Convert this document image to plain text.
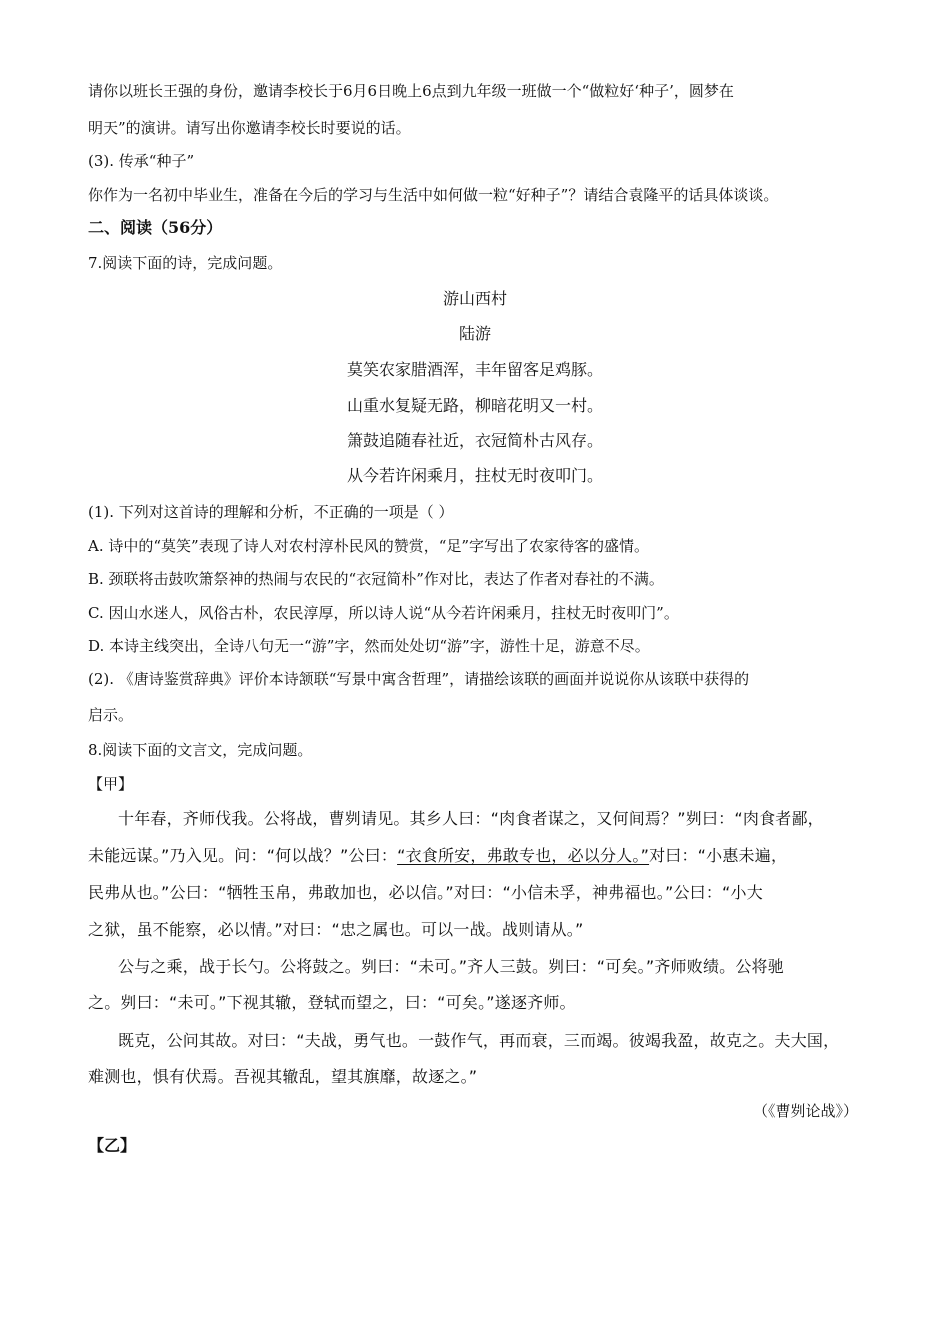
请你以班长王强的身份，邀请李校长于6月6日晚上6点到九年级一班做一个“做粒好‘种子’，圆梦在
明天”的演讲。请写出你邀请李校长时要说的话。
(3). 传承“种子”
你作为一名初中毕业生，准备在今后的学习与生活中如何做一粒“好种子”？请结合袁隆平的话具体谈谈。
二、阅读（56分）
7.阅读下面的诗，完成问题。
游山西村
陆游
莫笑农家腊酒浑，丰年留客足鸡豚。
山重水复疑无路，柳暗花明又一村。
箫鼓追随春社近，衣冠简朴古风存。
从今若许闲乘月，拄杖无时夜叩门。
(1). 下列对这首诗的理解和分析，不正确的一项是（ ）
A. 诗中的“莫笑”表现了诗人对农村淳朴民风的赞赏，“足”字写出了农家待客的盛情。
B. 颈联将击鼓吹箫祭神的热闹与农民的“衣冠简朴”作对比，表达了作者对春社的不满。
C. 因山水迷人，风俗古朴，农民淳厚，所以诗人说“从今若许闲乘月，拄杖无时夜叩门”。
D. 本诗主线突出，全诗八句无一“游”字，然而处处切“游”字，游性十足，游意不尽。
(2). 《唐诗鉴赏辞典》评价本诗颔联“写景中寓含哲理”，请描绘该联的画面并说说你从该联中获得的
启示。
8.阅读下面的文言文，完成问题。
【甲】
十年春，齐师伐我。公将战，曹刿请见。其乡人曰：“肉食者谋之，又何间焉？”刿曰：“肉食者鄙，
未能远谋。”乃入见。问：“何以战？”公曰：“衣食所安，弗敢专也，必以分人。”对曰：“小惠未遍，
民弗从也。”公曰：“牺牲玉帛，弗敢加也，必以信。”对曰：“小信未孚，神弗福也。”公曰：“小大
之狱，虽不能察，必以情。”对曰：“忠之属也。可以一战。战则请从。”
公与之乘，战于长勺。公将鼓之。刿曰：“未可。”齐人三鼓。刿曰：“可矣。”齐师败绩。公将驰
之。刿曰：“未可。”下视其辙，登轼而望之，曰：“可矣。”遂逐齐师。
既克，公问其故。对曰：“夫战，勇气也。一鼓作气，再而衰，三而竭。彼竭我盈，故克之。夫大国，
难测也，惧有伏焉。吾视其辙乱，望其旗靡，故逐之。”
（《曹刿论战》）
【乙】
